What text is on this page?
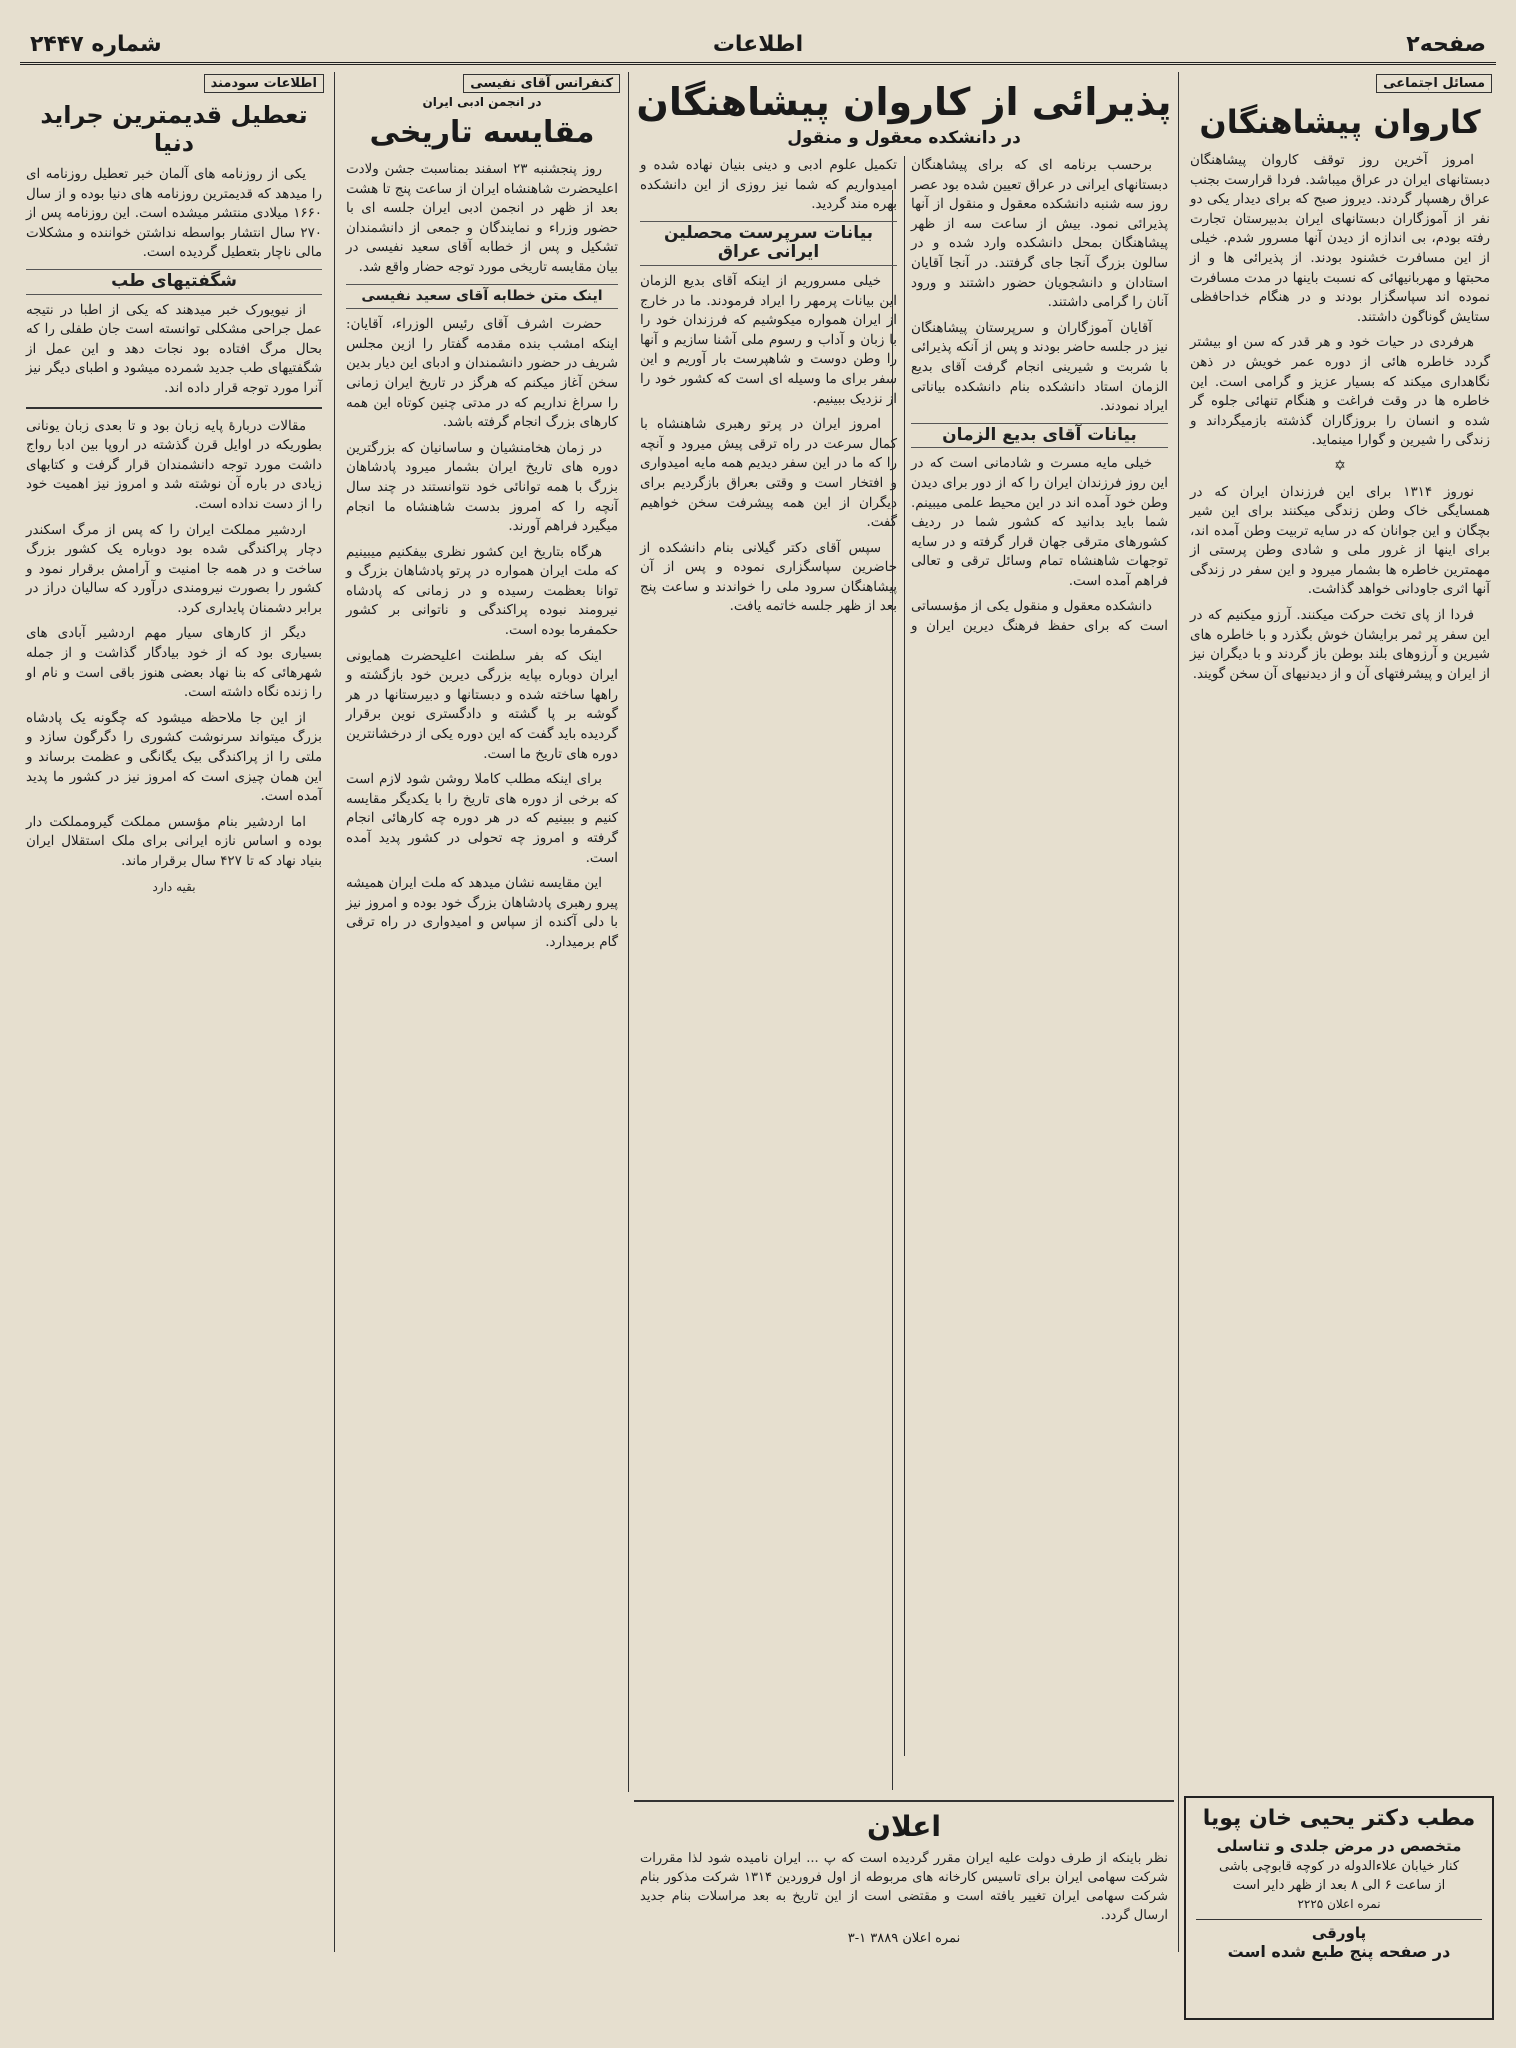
صفحه۲
اطلاعات
شماره ۲۴۴۷
مسائل اجتماعی
کاروان پیشاهنگان

امروز آخرین روز توقف کاروان پیشاهنگان دبستانهای ایران در عراق میباشد. فردا قرارست بجنب عراق رهسپار گردند. دیروز صبح که برای دیدار یکی دو نفر از آموزگاران دبستانهای ایران بدبیرستان تجارت رفته بودم، بی اندازه از دیدن آنها مسرور شدم. خیلی از این مسافرت خشنود بودند. از پذیرائی ها و از محبتها و مهربانیهائی که نسبت باینها در مدت مسافرت نموده اند سپاسگزار بودند و در هنگام خداحافظی ستایش گوناگون داشتند.

هرفردی در حیات خود و هر قدر که سن او بیشتر گردد خاطره هائی از دوره عمر خویش در ذهن نگاهداری میکند که بسیار عزیز و گرامی است. این خاطره ها در وقت فراغت و هنگام تنهائی جلوه گر شده و انسان را بروزگاران گذشته بازمیگرداند و زندگی را شیرین و گوارا مینماید.

✡

نوروز ۱۳۱۴ برای این فرزندان ایران که در همسایگی خاک وطن زندگی میکنند برای این شیر بچگان و این جوانان که در سایه تربیت وطن آمده اند، برای اینها از غرور ملی و شادی وطن پرستی از مهمترین خاطره ها بشمار میرود و این سفر در زندگی آنها اثری جاودانی خواهد گذاشت.

فردا از پای تخت حرکت میکنند. آرزو میکنیم که در این سفر پر ثمر برایشان خوش بگذرد و با خاطره های شیرین و آرزوهای بلند بوطن باز گردند و با دیگران نیز از ایران و پیشرفتهای آن و از دیدنیهای آن سخن گویند.

پذیرائی از کاروان پیشاهنگان
در دانشکده معقول و منقول

برحسب برنامه ای که برای پیشاهنگان دبستانهای ایرانی در عراق تعیین شده بود عصر روز سه شنبه دانشکده معقول و منقول از آنها پذیرائی نمود. بیش از ساعت سه از ظهر پیشاهنگان بمحل دانشکده وارد شده و در سالون بزرگ آنجا جای گرفتند. در آنجا آقایان استادان و دانشجویان حضور داشتند و ورود آنان را گرامی داشتند.

آقایان آموزگاران و سرپرستان پیشاهنگان نیز در جلسه حاضر بودند و پس از آنکه پذیرائی با شربت و شیرینی انجام گرفت آقای بدیع الزمان استاد دانشکده بنام دانشکده بیاناتی ایراد نمودند.

بیانات آقای بدیع الزمان

خیلی مایه مسرت و شادمانی است که در این روز فرزندان ایران را که از دور برای دیدن وطن خود آمده اند در این محیط علمی میبینم. شما باید بدانید که کشور شما در ردیف کشورهای مترقی جهان قرار گرفته و در سایه توجهات شاهنشاه تمام وسائل ترقی و تعالی فراهم آمده است.

دانشکده معقول و منقول یکی از مؤسساتی است که برای حفظ فرهنگ دیرین ایران و تکمیل علوم ادبی و دینی بنیان نهاده شده و امیدواریم که شما نیز روزی از این دانشکده بهره مند گردید.

بیانات سرپرست محصلین ایرانی عراق

خیلی مسروریم از اینکه آقای بدیع الزمان این بیانات پرمهر را ایراد فرمودند. ما در خارج از ایران همواره میکوشیم که فرزندان خود را با زبان و آداب و رسوم ملی آشنا سازیم و آنها را وطن دوست و شاهپرست بار آوریم و این سفر برای ما وسیله ای است که کشور خود را از نزدیک ببینیم.

امروز ایران در پرتو رهبری شاهنشاه با کمال سرعت در راه ترقی پیش میرود و آنچه را که ما در این سفر دیدیم همه مایه امیدواری و افتخار است و وقتی بعراق بازگردیم برای دیگران از این همه پیشرفت سخن خواهیم گفت.

سپس آقای دکتر گیلانی بنام دانشکده از حاضرین سپاسگزاری نموده و پس از آن پیشاهنگان سرود ملی را خواندند و ساعت پنج بعد از ظهر جلسه خاتمه یافت.

کنفرانس آقای نفیسی
در انجمن ادبی ایران
مقایسه تاریخی

روز پنجشنبه ۲۳ اسفند بمناسبت جشن ولادت اعلیحضرت شاهنشاه ایران از ساعت پنج تا هشت بعد از ظهر در انجمن ادبی ایران جلسه ای با حضور وزراء و نمایندگان و جمعی از دانشمندان تشکیل و پس از خطابه آقای سعید نفیسی در بیان مقایسه تاریخی مورد توجه حضار واقع شد.

اینک متن خطابه آقای سعید نفیسی

حضرت اشرف آقای رئیس الوزراء، آقایان: اینکه امشب بنده مقدمه گفتار را ازین مجلس شریف در حضور دانشمندان و ادبای این دیار بدین سخن آغاز میکنم که هرگز در تاریخ ایران زمانی را سراغ نداریم که در مدتی چنین کوتاه این همه کارهای بزرگ انجام گرفته باشد.

در زمان هخامنشیان و ساسانیان که بزرگترین دوره های تاریخ ایران بشمار میرود پادشاهان بزرگ با همه توانائی خود نتوانستند در چند سال آنچه را که امروز بدست شاهنشاه ما انجام میگیرد فراهم آورند.

هرگاه بتاریخ این کشور نظری بیفکنیم میبینیم که ملت ایران همواره در پرتو پادشاهان بزرگ و توانا بعظمت رسیده و در زمانی که پادشاه نیرومند نبوده پراکندگی و ناتوانی بر کشور حکمفرما بوده است.

اینک که بفر سلطنت اعلیحضرت همایونی ایران دوباره بپایه بزرگی دیرین خود بازگشته و راهها ساخته شده و دبستانها و دبیرستانها در هر گوشه بر پا گشته و دادگستری نوین برقرار گردیده باید گفت که این دوره یکی از درخشانترین دوره های تاریخ ما است.

برای اینکه مطلب کاملا روشن شود لازم است که برخی از دوره های تاریخ را با یکدیگر مقایسه کنیم و ببینیم که در هر دوره چه کارهائی انجام گرفته و امروز چه تحولی در کشور پدید آمده است.

این مقایسه نشان میدهد که ملت ایران همیشه پیرو رهبری پادشاهان بزرگ خود بوده و امروز نیز با دلی آکنده از سپاس و امیدواری در راه ترقی گام برمیدارد.

اطلاعات سودمند
تعطیل قدیمترین جراید دنیا

یکی از روزنامه های آلمان خبر تعطیل روزنامه ای را میدهد که قدیمترین روزنامه های دنیا بوده و از سال ۱۶۶۰ میلادی منتشر میشده است. این روزنامه پس از ۲۷۰ سال انتشار بواسطه نداشتن خواننده و مشکلات مالی ناچار بتعطیل گردیده است.

شگفتیهای طب

از نیویورک خبر میدهند که یکی از اطبا در نتیجه عمل جراحی مشکلی توانسته است جان طفلی را که بحال مرگ افتاده بود نجات دهد و این عمل از شگفتیهای طب جدید شمرده میشود و اطبای دیگر نیز آنرا مورد توجه قرار داده اند.

مقالات دربارهٔ پایه زبان بود و تا بعدی زبان یونانی بطوریکه در اوایل قرن گذشته در اروپا بین ادبا رواج داشت مورد توجه دانشمندان قرار گرفت و کتابهای زیادی در باره آن نوشته شد و امروز نیز اهمیت خود را از دست نداده است.

اردشیر مملکت ایران را که پس از مرگ اسکندر دچار پراکندگی شده بود دوباره یک کشور بزرگ ساخت و در همه جا امنیت و آرامش برقرار نمود و کشور را بصورت نیرومندی درآورد که سالیان دراز در برابر دشمنان پایداری کرد.

دیگر از کارهای سیار مهم اردشیر آبادی های بسیاری بود که از خود بیادگار گذاشت و از جمله شهرهائی که بنا نهاد بعضی هنوز باقی است و نام او را زنده نگاه داشته است.

از این جا ملاحظه میشود که چگونه یک پادشاه بزرگ میتواند سرنوشت کشوری را دگرگون سازد و ملتی را از پراکندگی بیک یگانگی و عظمت برساند و این همان چیزی است که امروز نیز در کشور ما پدید آمده است.

اما اردشیر بنام مؤسس مملکت گیرومملکت دار بوده و اساس نازه ایرانی برای ملک استقلال ایران بنیاد نهاد که تا ۴۲۷ سال برقرار ماند.

بقیه دارد
اعلان
نظر باینکه از طرف دولت علیه ایران مقرر گردیده است که پ ... ایران نامیده شود لذا مقررات شرکت سهامی ایران برای تاسیس کارخانه های مربوطه از اول فروردین ۱۳۱۴ شرکت مذکور بنام شرکت سهامی ایران تغییر یافته است و مقتضی است از این تاریخ به بعد مراسلات بنام جدید ارسال گردد.
نمره اعلان ۳۸۸۹ ۱-۳
مطب دکتر یحیی خان پویا
متخصص در مرض جلدی و تناسلی
کنار خیابان علاءالدوله در کوچه قابوچی باشی
از ساعت ۶ الی ۸ بعد از ظهر دایر است
نمره اعلان ۲۲۲۵
پاورقی
در صفحه پنج طبع شده است
